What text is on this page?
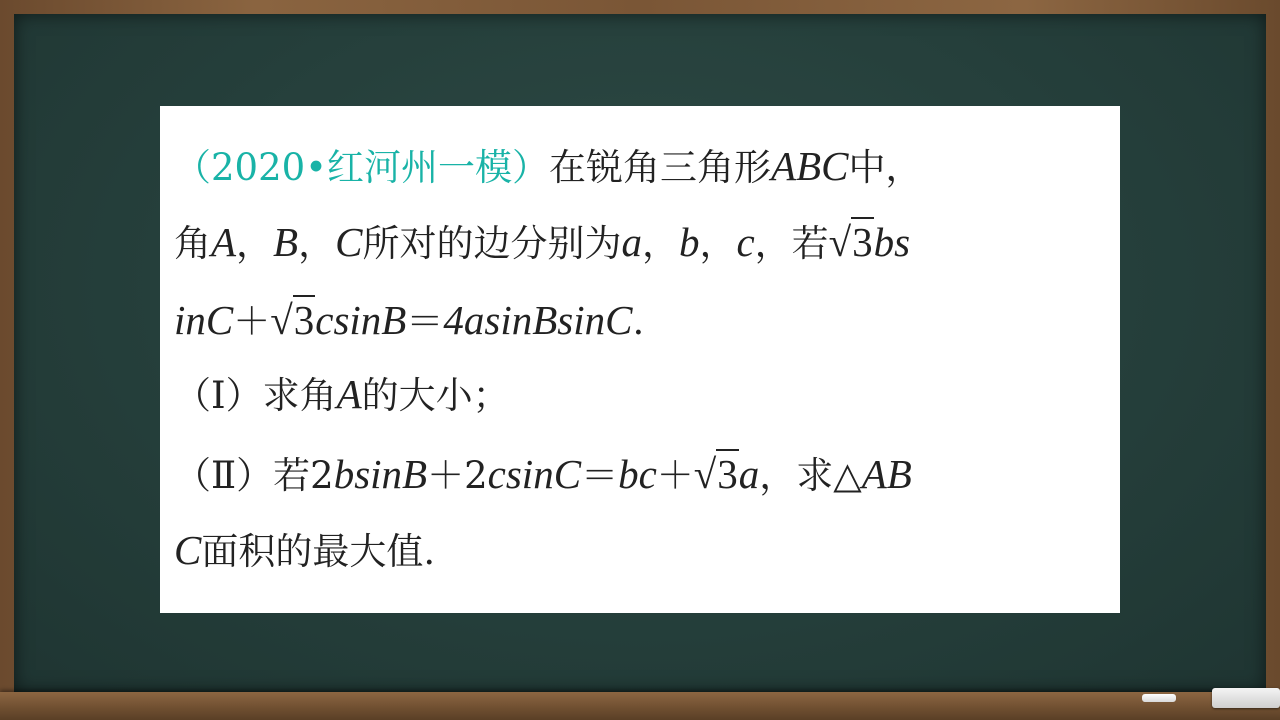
（2020•红河州一模）在锐角三角形ABC中，
角A，B，C所对的边分别为a，b，c，若√3bs
inC＋√3csinB＝4asinBsinC.
（Ⅰ）求角A的大小；
（Ⅱ）若2bsinB＋2csinC＝bc＋√3a，求△AB
C面积的最大值.
